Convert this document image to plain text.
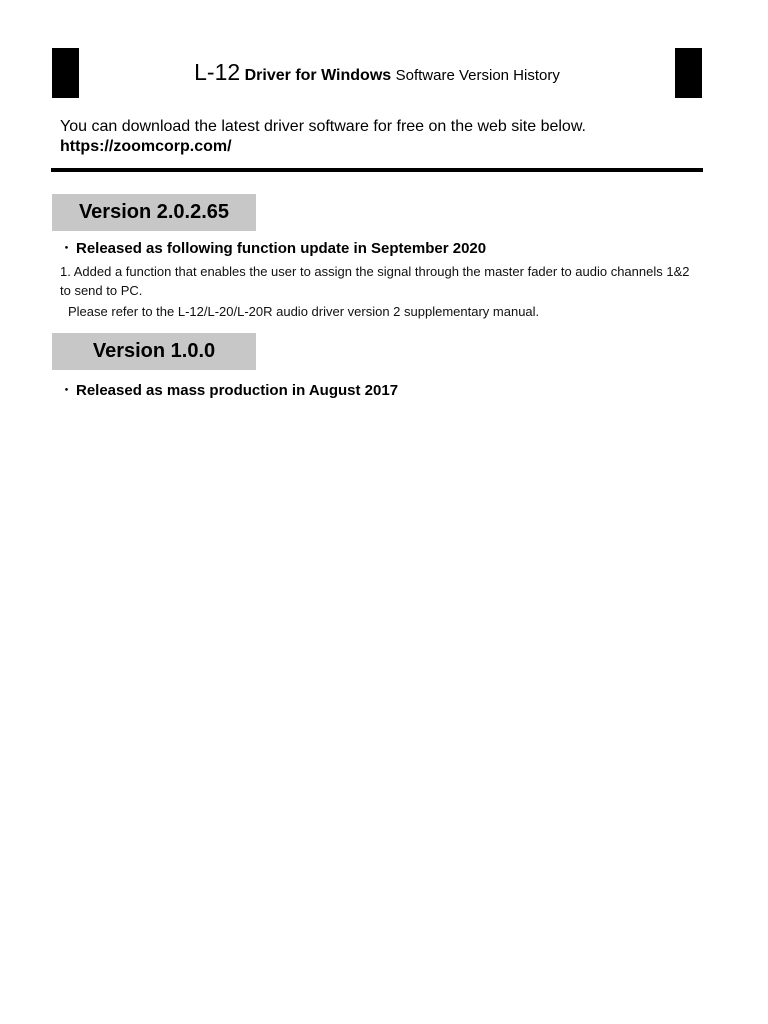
L-12 Driver for Windows Software Version History
You can download the latest driver software for free on the web site below.
https://zoomcorp.com/
Version 2.0.2.65
・ Released as following function update in September 2020
1. Added a function that enables the user to assign the signal through the master fader to audio channels 1&2 to send to PC.
Please refer to the L-12/L-20/L-20R audio driver version 2 supplementary manual.
Version 1.0.0
・ Released as mass production in August 2017
